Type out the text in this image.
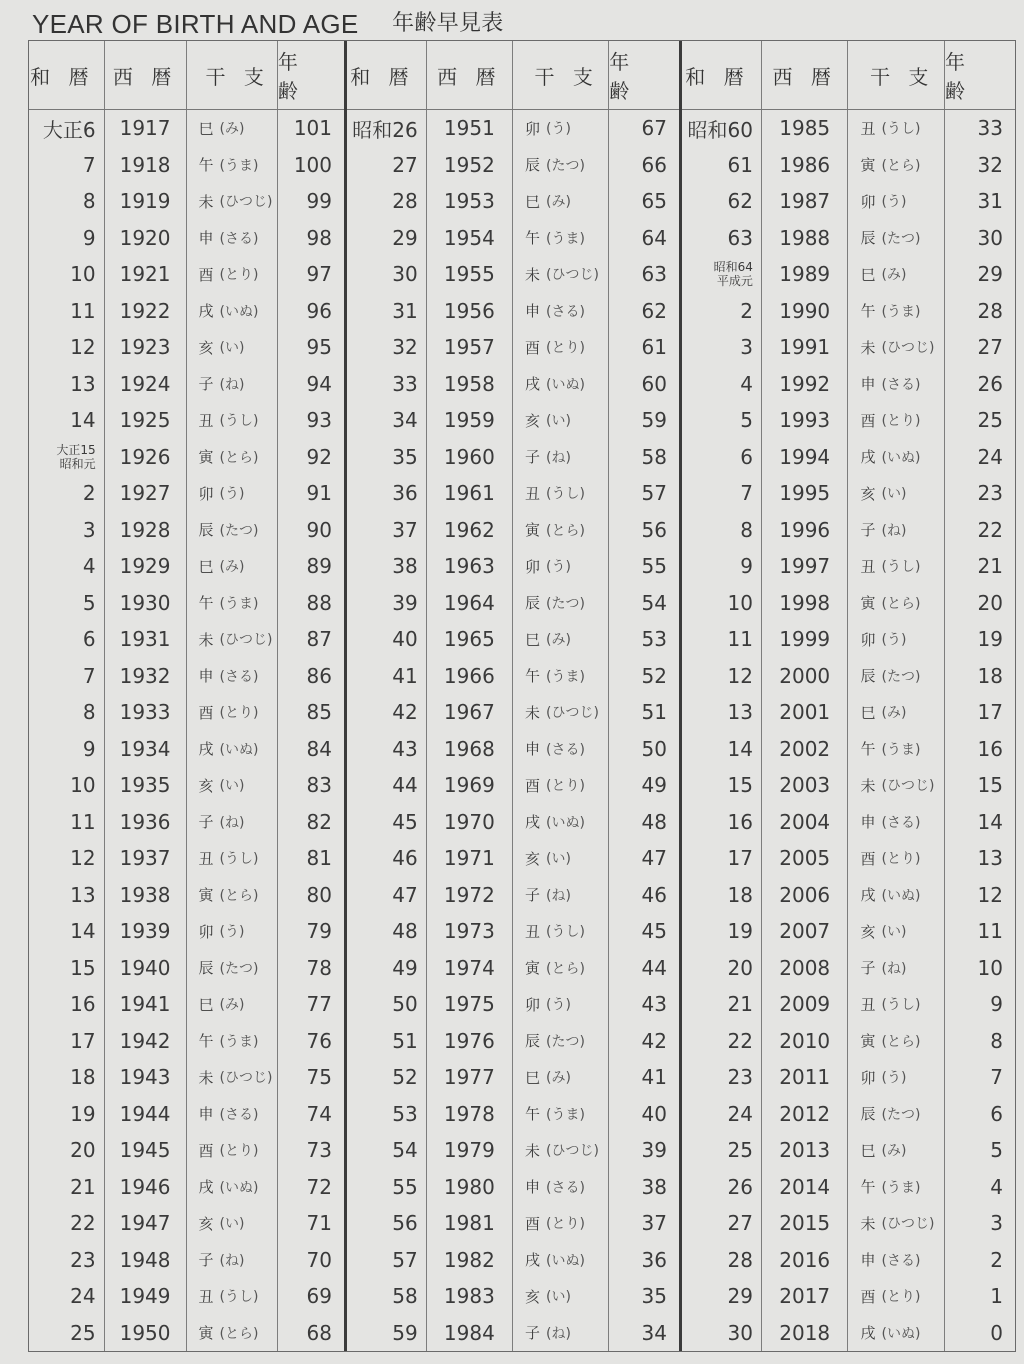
YEAR OF BIRTH AND AGE 年齢早見表
和 暦 西 暦	干 支
年 齢
大正6	1917	巳 (み)	101
7	1918	午 (うま)	100
8	1919	未 (ひつじ)	99
9	1920	申 (さる)	98
10	1921	酉 (とり)	97
11	1922	戌 (いぬ)	96
12	1923	亥 (い)	95
13	1924	子 (ね)	94
14	1925	丑 (うし)	93
大正15
昭和元	1926	寅 (とら)	92
2	1927	卯 (う)	91
3	1928	辰 (たつ)	90
4	1929	巳 (み)	89
5	1930	午 (うま)	88
6	1931	未 (ひつじ)	87
7	1932	申 (さる)	86
8	1933	酉 (とり)	85
9	1934	戌 (いぬ)	84
10	1935	亥 (い)	83
11	1936	子 (ね)	82
12	1937	丑 (うし)	81
13	1938	寅 (とら)	80
14	1939	卯 (う)	79
15	1940	辰 (たつ)	78
16	1941	巳 (み)	77
17	1942	午 (うま)	76
18	1943	未 (ひつじ)	75
19	1944	申 (さる)	74
20	1945	酉 (とり)	73
21	1946	戌 (いぬ)	72
22	1947	亥 (い)	71
23	1948	子 (ね)	70
24	1949	丑 (うし)	69
25	1950	寅 (とら)	68
和 暦	西 暦	干 支
年 齢
昭和26	1951	卯 (う)	67
27	1952	辰 (たつ)	66
28	1953	巳 (み)	65
29	1954	午 (うま)	64
30	1955	未 (ひつじ)	63
31	1956	申 (さる)	62
32	1957	酉 (とり)	61
33	1958	戌 (いぬ)	60
34	1959	亥 (い)	59
35	1960	子 (ね)	58
36	1961	丑 (うし)	57
37	1962	寅 (とら)	56
38	1963	卯 (う)	55
39	1964	辰 (たつ)	54
40	1965	巳 (み)	53
41	1966	午 (うま)	52
42	1967	未 (ひつじ)	51
43	1968	申 (さる)	50
44	1969	酉 (とり)	49
45	1970	戌 (いぬ)	48
46	1971	亥 (い)	47
47	1972	子 (ね)	46
48	1973	丑 (うし)	45
49	1974	寅 (とら)	44
50	1975	卯 (う)	43
51	1976	辰 (たつ)	42
52	1977	巳 (み)	41
53	1978	午 (うま)	40
54	1979	未 (ひつじ)	39
55	1980	申 (さる)	38
56	1981	酉 (とり)	37
57	1982	戌 (いぬ)	36
58	1983	亥 (い)	35
59	1984	子 (ね)	34
和 暦	西 暦	干 支
年 齢
昭和60	1985	丑 (うし)	33
61	1986	寅 (とら)	32
62	1987	卯 (う)	31
63	1988	辰 (たつ)	30
昭和64
平成元	1989	巳 (み)	29
2	1990	午 (うま)	28
3	1991	未 (ひつじ)	27
4	1992	申 (さる)	26
5	1993	酉 (とり)	25
6	1994	戌 (いぬ)	24
7	1995	亥 (い)	23
8	1996	子 (ね)	22
9	1997	丑 (うし)	21
10	1998	寅 (とら)	20
11	1999	卯 (う)	19
12	2000	辰 (たつ)	18
13	2001	巳 (み)	17
14	2002	午 (うま)	16
15	2003	未 (ひつじ)	15
16	2004	申 (さる)	14
17	2005	酉 (とり)	13
18	2006	戌 (いぬ)	12
19	2007	亥 (い)	11
20	2008	子 (ね)	10
21	2009	丑 (うし)	9
22	2010	寅 (とら)	8
23	2011	卯 (う)	7
24	2012	辰 (たつ)	6
25	2013	巳 (み)	5
26	2014	午 (うま)	4
27	2015	未 (ひつじ)	3
28	2016	申 (さる)	2
29	2017	酉 (とり)	1
30	2018	戌 (いぬ)	0
